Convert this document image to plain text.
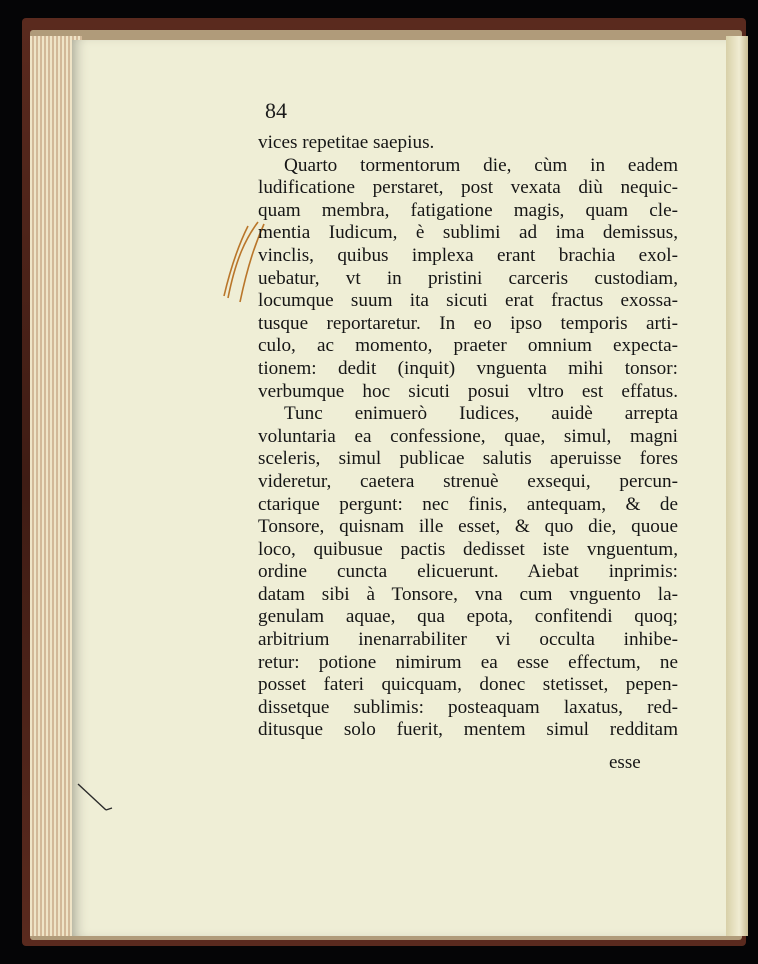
84
vices repetitae saepius.
Quarto tormentorum die, cùm in eadem
ludificatione perstaret, post vexata diù nequic-
quam membra, fatigatione magis, quam cle-
mentia Iudicum, è sublimi ad ima demissus,
vinclis, quibus implexa erant brachia exol-
uebatur, vt in pristini carceris custodiam,
locumque suum ita sicuti erat fractus exossa-
tusque reportaretur. In eo ipso temporis arti-
culo, ac momento, praeter omnium expecta-
tionem: dedit (inquit) vnguenta mihi tonsor:
verbumque hoc sicuti posui vltro est effatus.
Tunc enimuerò Iudices, auidè arrepta
voluntaria ea confessione, quae, simul, magni
sceleris, simul publicae salutis aperuisse fores
videretur, caetera strenuè exsequi, percun-
ctarique pergunt: nec finis, antequam, & de
Tonsore, quisnam ille esset, & quo die, quoue
loco, quibusue pactis dedisset iste vnguentum,
ordine cuncta elicuerunt. Aiebat inprimis:
datam sibi à Tonsore, vna cum vnguento la-
genulam aquae, qua epota, confitendi quoq;
arbitrium inenarrabiliter vi occulta inhibe-
retur: potione nimirum ea esse effectum, ne
posset fateri quicquam, donec stetisset, pepen-
dissetque sublimis: posteaquam laxatus, red-
ditusque solo fuerit, mentem simul redditam
esse
